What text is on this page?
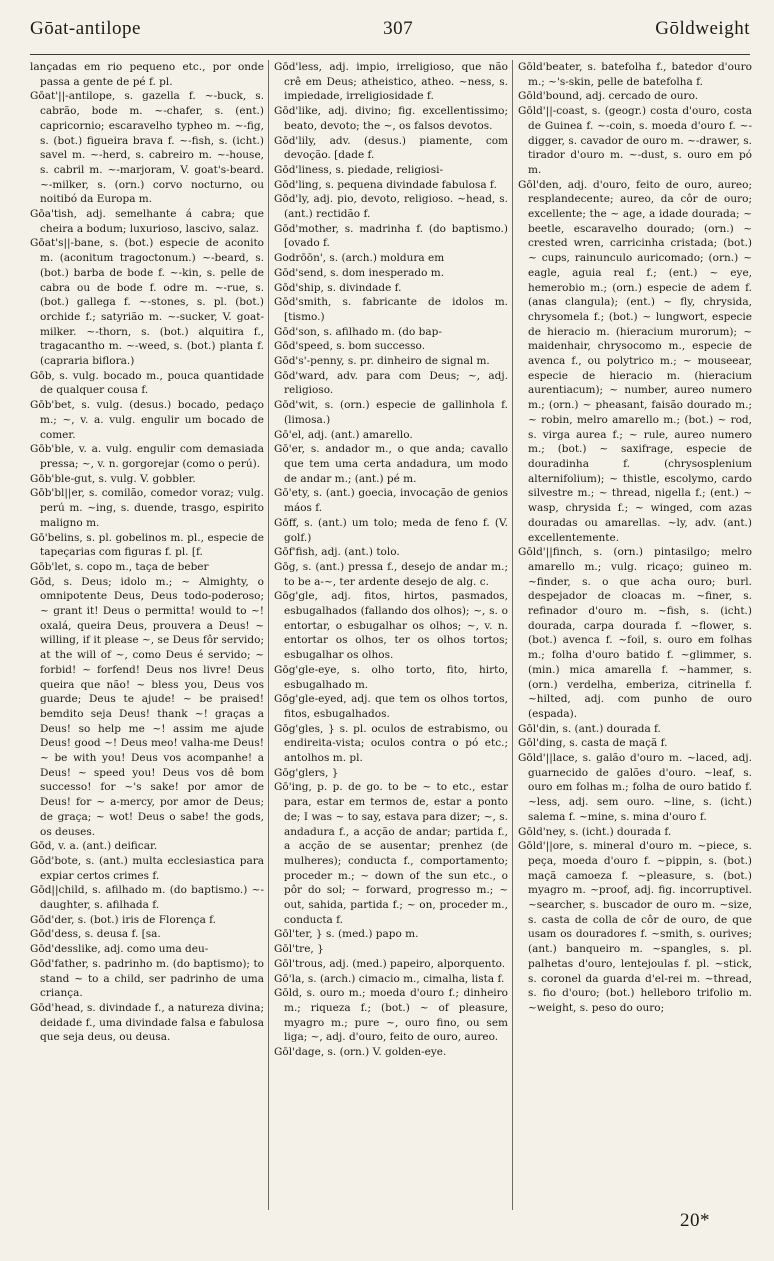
Gōat-antilope	307	Gōldweight

lançadas em rio pequeno etc., por onde passa a gente de pé f. pl.

Gōat'||-antilope, s. gazella f. ~-buck, s. cabrão, bode m. ~-chafer, s. (ent.) capricornio; escaravelho typheo m. ~-fig, s. (bot.) figueira brava f. ~-fish, s. (icht.) savel m. ~-herd, s. cabreiro m. ~-house, s. cabril m. ~-marjoram, V. goat's-beard. ~-milker, s. (orn.) corvo nocturno, ou noitibó da Europa m.

Gōa'tish, adj. semelhante á cabra; que cheira a bodum; luxurioso, lascivo, salaz.

Gōat's||-bane, s. (bot.) especie de aconito m. (aconitum tragoctonum.) ~-beard, s. (bot.) barba de bode f. ~-kin, s. pelle de cabra ou de bode f. odre m. ~-rue, s. (bot.) gallega f. ~-stones, s. pl. (bot.) orchide f.; satyrião m. ~-sucker, V. goat-milker. ~-thorn, s. (bot.) alquitira f., tragacantho m. ~-weed, s. (bot.) planta f. (capraria biflora.)

Gōb, s. vulg. bocado m., pouca quantidade de qualquer cousa f.

Gōb'bet, s. vulg. (desus.) bocado, pedaço m.; ~, v. a. vulg. engulir um bocado de comer.

Gōb'ble, v. a. vulg. engulir com demasiada pressa; ~, v. n. gorgorejar (como o perú).

Gōb'ble-gut, s. vulg. V. gobbler.

Gōb'bl||er, s. comilão, comedor voraz; vulg. perú m. ~ing, s. duende, trasgo, espirito maligno m.

Gō'belins, s. pl. gobelinos m. pl., especie de tapeçarias com figuras f. pl. [f.

Gōb'let, s. copo m., taça de beber

Gōd, s. Deus; idolo m.; ~ Almighty, o omnipotente Deus, Deus todo-poderoso; ~ grant it! Deus o permitta! would to ~! oxalá, queira Deus, prouvera a Deus! ~ willing, if it please ~, se Deus fôr servido; at the will of ~, como Deus é servido; ~ forbid! ~ forfend! Deus nos livre! Deus queira que não! ~ bless you, Deus vos guarde; Deus te ajude! ~ be praised! bemdito seja Deus! thank ~! graças a Deus! so help me ~! assim me ajude Deus! good ~! Deus meo! valha-me Deus! ~ be with you! Deus vos acompanhe! a Deus! ~ speed you! Deus vos dê bom successo! for ~'s sake! por amor de Deus! for ~ a-mercy, por amor de Deus; de graça; ~ wot! Deus o sabe! the gods, os deuses.

Gōd, v. a. (ant.) deificar.

Gōd'bote, s. (ant.) multa ecclesiastica para expiar certos crimes f.

Gōd||child, s. afilhado m. (do baptismo.) ~-daughter, s. afilhada f.

Gōd'der, s. (bot.) iris de Florença f.

Gōd'dess, s. deusa f. [sa.

Gōd'desslike, adj. como uma deu-

Gōd'father, s. padrinho m. (do baptismo); to stand ~ to a child, ser padrinho de uma criança.

Gōd'head, s. divindade f., a natureza divina; deidade f., uma divindade falsa e fabulosa que seja deus, ou deusa.

Gōd'less, adj. impio, irreligioso, que não crê em Deus; atheistico, atheo. ~ness, s. impiedade, irreligiosidade f.

Gōd'like, adj. divino; fig. excellentissimo; beato, devoto; the ~, os falsos devotos.

Gōd'lily, adv. (desus.) piamente, com devoção. [dade f.

Gōd'liness, s. piedade, religiosi-

Gōd'ling, s. pequena divindade fabulosa f.

Gōd'ly, adj. pio, devoto, religioso. ~head, s. (ant.) rectidão f.

Gōd'mother, s. madrinha f. (do baptismo.) [ovado f.

Godrōōn', s. (arch.) moldura em

Gōd'send, s. dom inesperado m.

Gōd'ship, s. divindade f.

Gōd'smith, s. fabricante de idolos m. [tismo.)

Gōd'son, s. afilhado m. (do bap-

Gōd'speed, s. bom successo.

Gōd's'-penny, s. pr. dinheiro de signal m.

Gōd'ward, adv. para com Deus; ~, adj. religioso.

Gōd'wit, s. (orn.) especie de gallinhola f. (limosa.)

Gō'el, adj. (ant.) amarello.

Gō'er, s. andador m., o que anda; cavallo que tem uma certa andadura, um modo de andar m.; (ant.) pé m.

Gō'ety, s. (ant.) goecia, invocação de genios máos f.

Gōff, s. (ant.) um tolo; meda de feno f. (V. golf.)

Gōf'fish, adj. (ant.) tolo.

Gōg, s. (ant.) pressa f., desejo de andar m.; to be a-~, ter ardente desejo de alg. c.

Gōg'gle, adj. fitos, hirtos, pasmados, esbugalhados (fallando dos olhos); ~, s. o entortar, o esbugalhar os olhos; ~, v. n. entortar os olhos, ter os olhos tortos; esbugalhar os olhos.

Gōg'gle-eye, s. olho torto, fito, hirto, esbugalhado m.

Gōg'gle-eyed, adj. que tem os olhos tortos, fitos, esbugalhados.

Gōg'gles, } s. pl. oculos de estrabismo, ou endireita-vista; oculos contra o pó etc.; antolhos m. pl.

Gōg'glers, }

Gō'ing, p. p. de go. to be ~ to etc., estar para, estar em termos de, estar a ponto de; I was ~ to say, estava para dizer; ~, s. andadura f., a acção de andar; partida f., a acção de se ausentar; prenhez (de mulheres); conducta f., comportamento; proceder m.; ~ down of the sun etc., o pôr do sol; ~ forward, progresso m.; ~ out, sahida, partida f.; ~ on, proceder m., conducta f.

Gōl'ter, } s. (med.) papo m.

Gōl'tre, }

Gōl'trous, adj. (med.) papeiro, alporquento.

Gō'la, s. (arch.) cimacio m., cimalha, lista f.

Gōld, s. ouro m.; moeda d'ouro f.; dinheiro m.; riqueza f.; (bot.) ~ of pleasure, myagro m.; pure ~, ouro fino, ou sem liga; ~, adj. d'ouro, feito de ouro, aureo.

Gōl'dage, s. (orn.) V. golden-eye.

Gōld'beater, s. batefolha f., batedor d'ouro m.; ~'s-skin, pelle de batefolha f.

Gōld'bound, adj. cercado de ouro.

Gōld'||-coast, s. (geogr.) costa d'ouro, costa de Guinea f. ~-coin, s. moeda d'ouro f. ~-digger, s. cavador de ouro m. ~-drawer, s. tirador d'ouro m. ~-dust, s. ouro em pó m.

Gōl'den, adj. d'ouro, feito de ouro, aureo; resplandecente; aureo, da côr de ouro; excellente; the ~ age, a idade dourada; ~ beetle, escaravelho dourado; (orn.) ~ crested wren, carricinha cristada; (bot.) ~ cups, rainunculo auricomado; (orn.) ~ eagle, aguia real f.; (ent.) ~ eye, hemerobio m.; (orn.) especie de adem f. (anas clangula); (ent.) ~ fly, chrysida, chrysomela f.; (bot.) ~ lungwort, especie de hieracio m. (hieracium murorum); ~ maidenhair, chrysocomo m., especie de avenca f., ou polytrico m.; ~ mouseear, especie de hieracio m. (hieracium aurentiacum); ~ number, aureo numero m.; (orn.) ~ pheasant, faisão dourado m.; ~ robin, melro amarello m.; (bot.) ~ rod, s. virga aurea f.; ~ rule, aureo numero m.; (bot.) ~ saxifrage, especie de douradinha f. (chrysosplenium alternifolium); ~ thistle, escolymo, cardo silvestre m.; ~ thread, nigella f.; (ent.) ~ wasp, chrysida f.; ~ winged, com azas douradas ou amarellas. ~ly, adv. (ant.) excellentemente.

Gōld'||finch, s. (orn.) pintasilgo; melro amarello m.; vulg. ricaço; guineo m. ~finder, s. o que acha ouro; burl. despejador de cloacas m. ~finer, s. refinador d'ouro m. ~fish, s. (icht.) dourada, carpa dourada f. ~flower, s. (bot.) avenca f. ~foil, s. ouro em folhas m.; folha d'ouro batido f. ~glimmer, s. (min.) mica amarella f. ~hammer, s. (orn.) verdelha, emberiza, citrinella f. ~hilted, adj. com punho de ouro (espada).

Gōl'din, s. (ant.) dourada f.

Gōl'ding, s. casta de maçã f.

Gōld'||lace, s. galão d'ouro m. ~laced, adj. guarnecido de galões d'ouro. ~leaf, s. ouro em folhas m.; folha de ouro batido f. ~less, adj. sem ouro. ~line, s. (icht.) salema f. ~mine, s. mina d'ouro f.

Gōld'ney, s. (icht.) dourada f.

Gōld'||ore, s. mineral d'ouro m. ~piece, s. peça, moeda d'ouro f. ~pippin, s. (bot.) maçã camoeza f. ~pleasure, s. (bot.) myagro m. ~proof, adj. fig. incorruptivel. ~searcher, s. buscador de ouro m. ~size, s. casta de colla de côr de ouro, de que usam os douradores f. ~smith, s. ourives; (ant.) banqueiro m. ~spangles, s. pl. palhetas d'ouro, lentejoulas f. pl. ~stick, s. coronel da guarda d'el-rei m. ~thread, s. fio d'ouro; (bot.) helleboro trifolio m. ~weight, s. peso do ouro;

20*
